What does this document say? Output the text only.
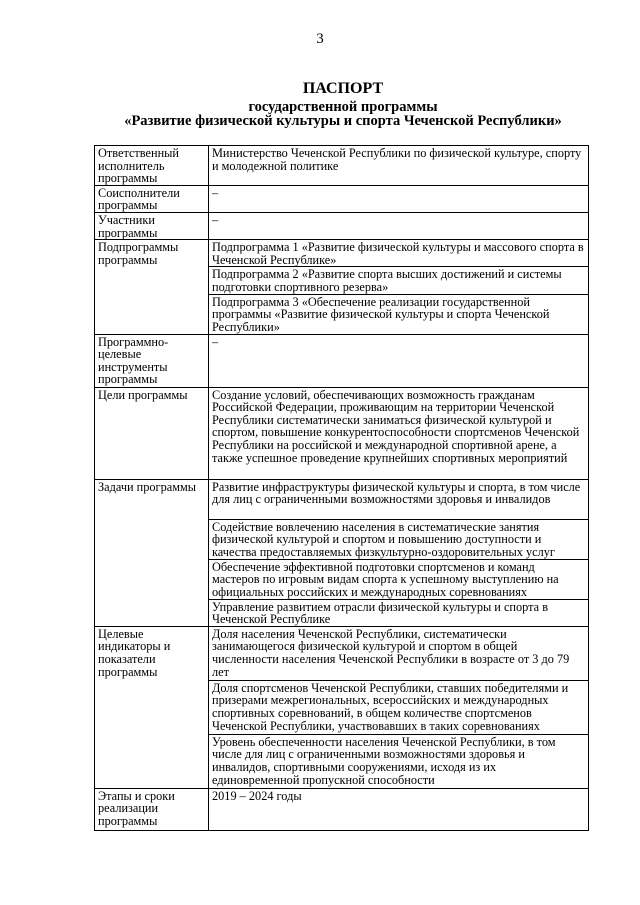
3
ПАСПОРТ
государственной программы
«Развитие физической культуры и спорта Чеченской Республики»
Ответственный исполнитель программы	Министерство Чеченской Республики по физической культуре, спорту и молодежной политике
Соисполнители программы	–
Участники программы	–
Подпрограммы программы	Подпрограмма 1 «Развитие физической культуры и массового спорта в Чеченской Республике»
	Подпрограмма 2 «Развитие спорта высших достижений и системы подготовки спортивного резерва»
	Подпрограмма 3 «Обеспечение реализации государственной программы «Развитие физической культуры и спорта Чеченской Республики»
Программно-целевые инструменты программы	–
Цели программы	Создание условий, обеспечивающих возможность гражданам Российской Федерации, проживающим на территории Чеченской Республики систематически заниматься физической культурой и спортом, повышение конкурентоспособности спортсменов Чеченской Республики на российской и международной спортивной арене, а также успешное проведение крупнейших спортивных мероприятий
Задачи программы	Развитие инфраструктуры физической культуры и спорта, в том числе для лиц с ограниченными возможностями здоровья и инвалидов
	Содействие вовлечению населения в систематические занятия физической культурой и спортом и повышению доступности и качества предоставляемых физкультурно-оздоровительных услуг
	Обеспечение эффективной подготовки спортсменов и команд мастеров по игровым видам спорта к успешному выступлению на официальных российских и международных соревнованиях
	Управление развитием отрасли физической культуры и спорта в Чеченской Республике
Целевые индикаторы и показатели программы	Доля населения Чеченской Республики, систематически занимающегося физической культурой и спортом в общей численности населения Чеченской Республики в возрасте от 3 до 79 лет
	Доля спортсменов Чеченской Республики, ставших победителями и призерами межрегиональных, всероссийских и международных спортивных соревнований, в общем количестве спортсменов Чеченской Республики, участвовавших в таких соревнованиях
	Уровень обеспеченности населения Чеченской Республики, в том числе для лиц с ограниченными возможностями здоровья и инвалидов, спортивными сооружениями, исходя из их единовременной пропускной способности
Этапы и сроки реализации программы	2019 – 2024 годы
